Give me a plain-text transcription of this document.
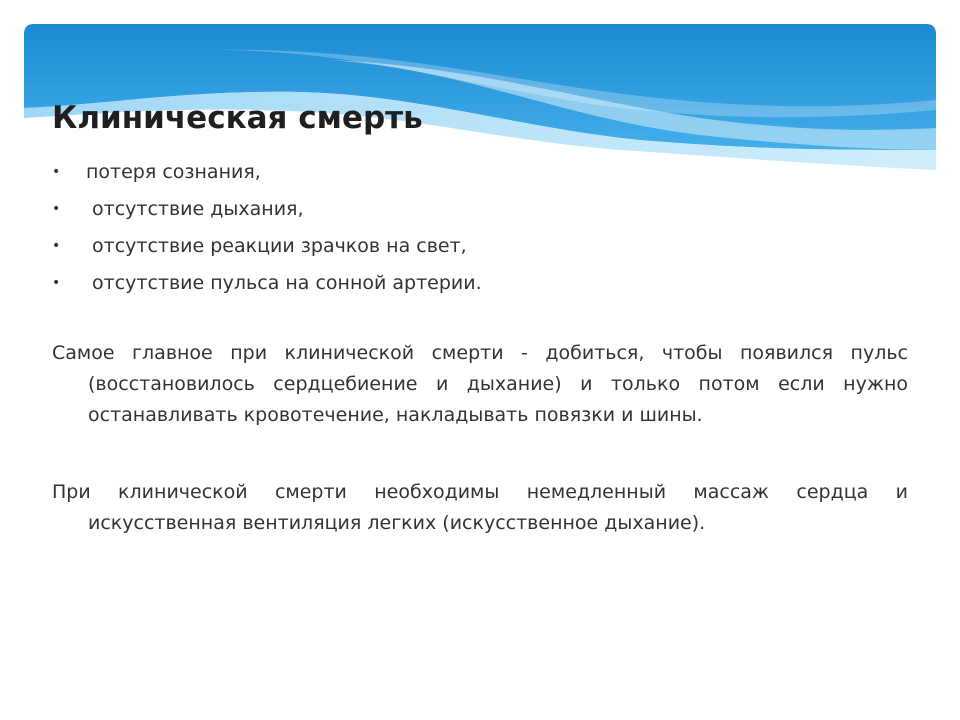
Клиническая смерть
• потеря сознания,
• отсутствие дыхания,
• отсутствие реакции зрачков на свет,
• отсутствие пульса на сонной артерии.

Самое главное при клинической смерти - добиться, чтобы появился пульс (восстановилось сердцебиение и дыхание) и только потом если нужно останавливать кровотечение, накладывать повязки и шины.

При клинической смерти необходимы немедленный массаж сердца и искусственная вентиляция легких (искусственное дыхание).
